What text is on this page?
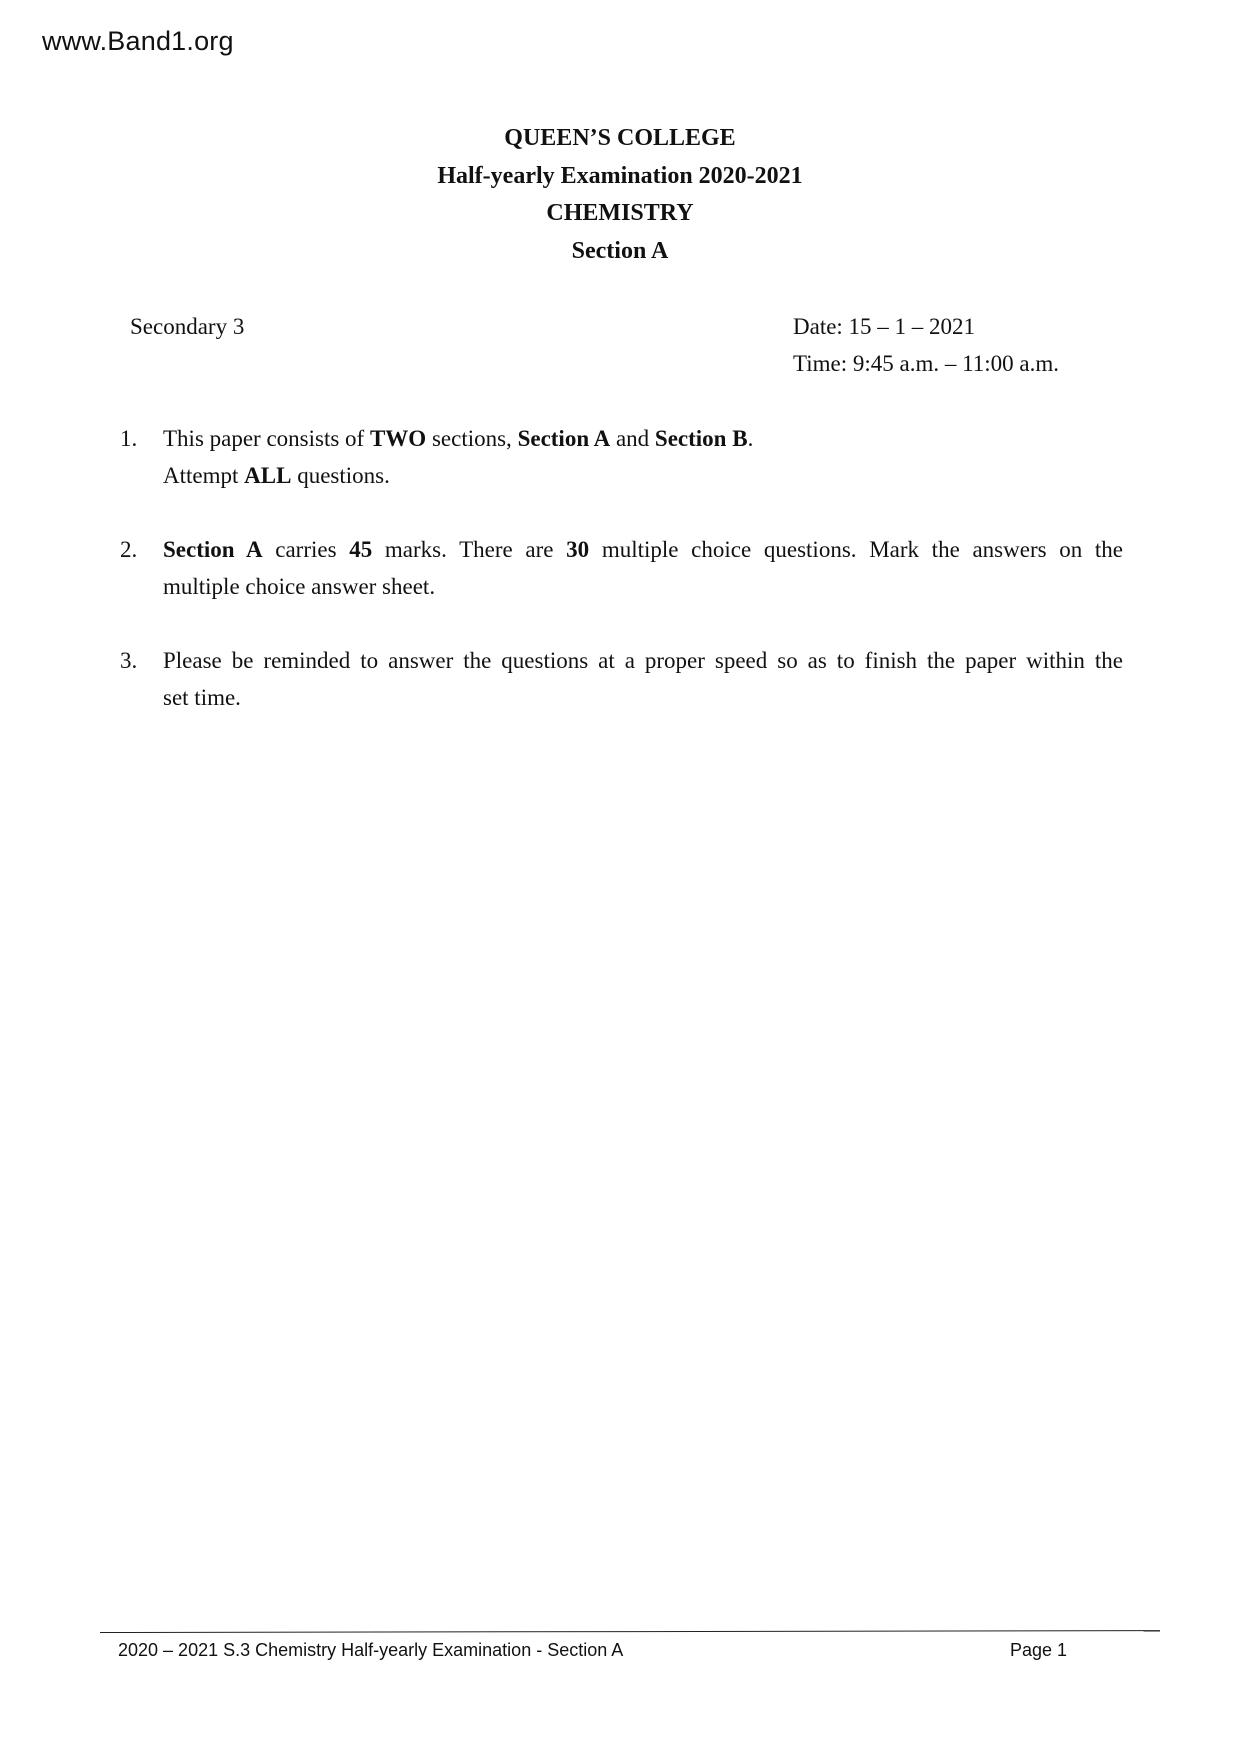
www.Band1.org
QUEEN’S COLLEGE
Half-yearly Examination 2020-2021
CHEMISTRY
Section A
Secondary 3	Date: 15 – 1 – 2021
Time: 9:45 a.m. – 11:00 a.m.
1. This paper consists of TWO sections, Section A and Section B.
Attempt ALL questions.
2. Section A carries 45 marks. There are 30 multiple choice questions. Mark the answers on the
multiple choice answer sheet.
3. Please be reminded to answer the questions at a proper speed so as to finish the paper within the
set time.
2020 – 2021 S.3 Chemistry Half-yearly Examination - Section A	Page 1
